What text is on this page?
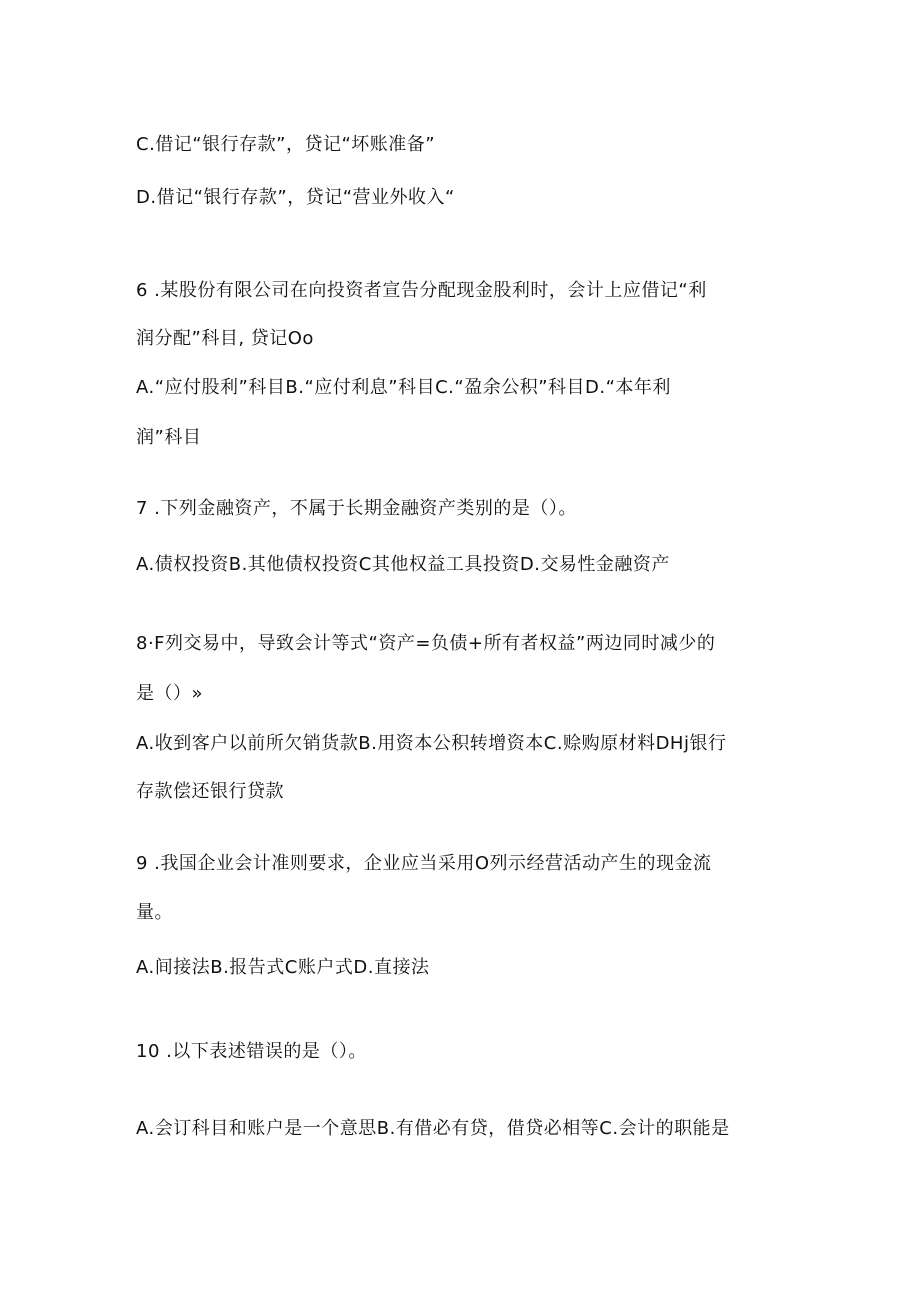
C.借记“银行存款”，贷记“坏账准备”
D.借记“银行存款”，贷记“营业外收入“
6 .某股份有限公司在向投资者宣告分配现金股利时，会计上应借记“利
润分配”科目, 贷记Oo
A.“应付股利”科目B.“应付利息”科目C.“盈余公积”科目D.“本年利
润”科目
7 .下列金融资产，不属于长期金融资产类别的是（）。
A.债权投资B.其他债权投资C其他权益工具投资D.交易性金融资产
8·F列交易中，导致会计等式“资产=负债+所有者权益”两边同时减少的
是（）»
A.收到客户以前所欠销货款B.用资本公积转增资本C.赊购原材料DHj银行
存款偿还银行贷款
9 .我国企业会计准则要求，企业应当采用O列示经营活动产生的现金流
量。
A.间接法B.报告式C账户式D.直接法
10 .以下表述错误的是（）。
A.会订科目和账户是一个意思B.有借必有贷，借贷必相等C.会计的职能是
